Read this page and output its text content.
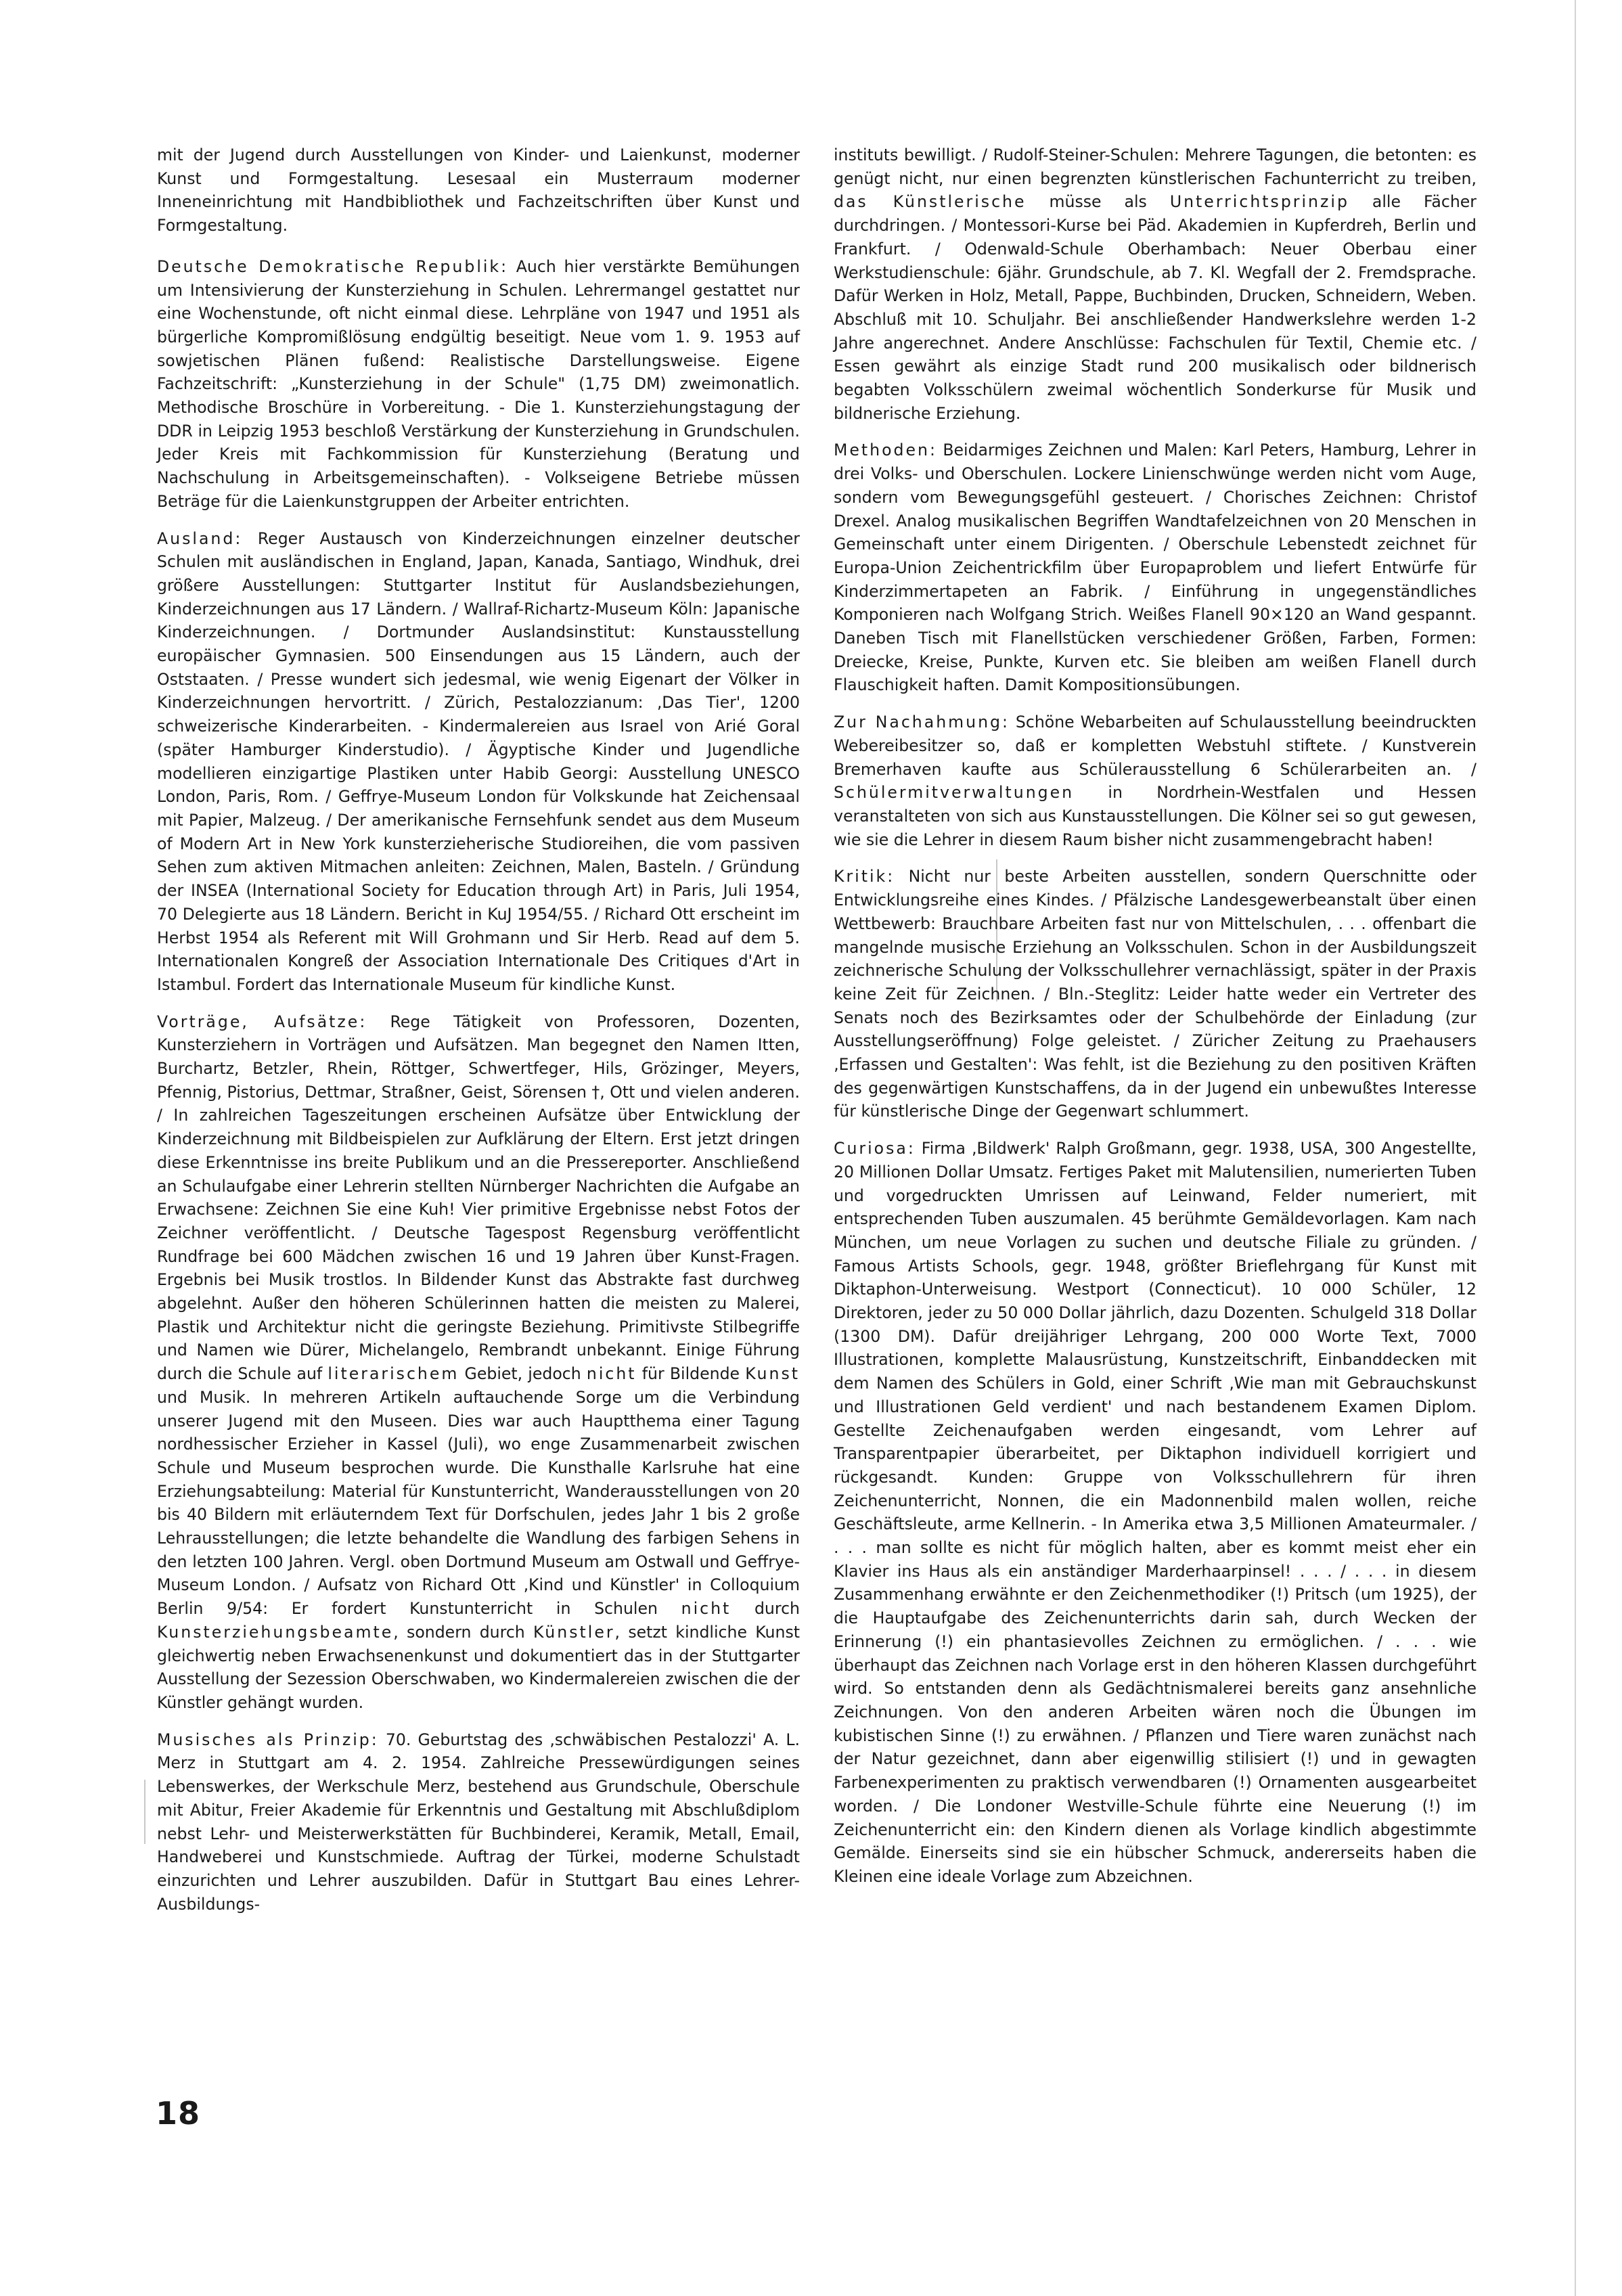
mit der Jugend durch Ausstellungen von Kinder- und Laienkunst, moderner Kunst und Formgestaltung. Lesesaal ein Musterraum moderner Inneneinrichtung mit Handbibliothek und Fachzeitschriften über Kunst und Formgestaltung.

Deutsche Demokratische Republik: Auch hier verstärkte Bemühungen um Intensivierung der Kunsterziehung in Schulen. Lehrermangel gestattet nur eine Wochenstunde, oft nicht einmal diese. Lehrpläne von 1947 und 1951 als bürgerliche Kompromißlösung endgültig beseitigt. Neue vom 1. 9. 1953 auf sowjetischen Plänen fußend: Realistische Darstellungsweise. Eigene Fachzeitschrift: „Kunsterziehung in der Schule" (1,75 DM) zweimonatlich. Methodische Broschüre in Vorbereitung. - Die 1. Kunsterziehungstagung der DDR in Leipzig 1953 beschloß Verstärkung der Kunsterziehung in Grundschulen. Jeder Kreis mit Fachkommission für Kunsterziehung (Beratung und Nachschulung in Arbeitsgemeinschaften). - Volkseigene Betriebe müssen Beträge für die Laienkunstgruppen der Arbeiter entrichten.

Ausland: Reger Austausch von Kinderzeichnungen einzelner deutscher Schulen mit ausländischen in England, Japan, Kanada, Santiago, Windhuk, drei größere Ausstellungen: Stuttgarter Institut für Auslandsbeziehungen, Kinderzeichnungen aus 17 Ländern. / Wallraf-Richartz-Museum Köln: Japanische Kinderzeichnungen. / Dortmunder Auslandsinstitut: Kunstausstellung europäischer Gymnasien. 500 Einsendungen aus 15 Ländern, auch der Oststaaten. / Presse wundert sich jedesmal, wie wenig Eigenart der Völker in Kinderzeichnungen hervortritt. / Zürich, Pestalozzianum: ‚Das Tier', 1200 schweizerische Kinderarbeiten. - Kindermalereien aus Israel von Arié Goral (später Hamburger Kinderstudio). / Ägyptische Kinder und Jugendliche modellieren einzigartige Plastiken unter Habib Georgi: Ausstellung UNESCO London, Paris, Rom. / Geffrye-Museum London für Volkskunde hat Zeichensaal mit Papier, Malzeug. / Der amerikanische Fernsehfunk sendet aus dem Museum of Modern Art in New York kunsterzieherische Studioreihen, die vom passiven Sehen zum aktiven Mitmachen anleiten: Zeichnen, Malen, Basteln. / Gründung der INSEA (International Society for Education through Art) in Paris, Juli 1954, 70 Delegierte aus 18 Ländern. Bericht in KuJ 1954/55. / Richard Ott erscheint im Herbst 1954 als Referent mit Will Grohmann und Sir Herb. Read auf dem 5. Internationalen Kongreß der Association Internationale Des Critiques d'Art in Istambul. Fordert das Internationale Museum für kindliche Kunst.

Vorträge, Aufsätze: Rege Tätigkeit von Professoren, Dozenten, Kunsterziehern in Vorträgen und Aufsätzen. Man begegnet den Namen Itten, Burchartz, Betzler, Rhein, Röttger, Schwertfeger, Hils, Grözinger, Meyers, Pfennig, Pistorius, Dettmar, Straßner, Geist, Sörensen †, Ott und vielen anderen. / In zahlreichen Tageszeitungen erscheinen Aufsätze über Entwicklung der Kinderzeichnung mit Bildbeispielen zur Aufklärung der Eltern. Erst jetzt dringen diese Erkenntnisse ins breite Publikum und an die Pressereporter. Anschließend an Schulaufgabe einer Lehrerin stellten Nürnberger Nachrichten die Aufgabe an Erwachsene: Zeichnen Sie eine Kuh! Vier primitive Ergebnisse nebst Fotos der Zeichner veröffentlicht. / Deutsche Tagespost Regensburg veröffentlicht Rundfrage bei 600 Mädchen zwischen 16 und 19 Jahren über Kunst-Fragen. Ergebnis bei Musik trostlos. In Bildender Kunst das Abstrakte fast durchweg abgelehnt. Außer den höheren Schülerinnen hatten die meisten zu Malerei, Plastik und Architektur nicht die geringste Beziehung. Primitivste Stilbegriffe und Namen wie Dürer, Michelangelo, Rembrandt unbekannt. Einige Führung durch die Schule auf literarischem Gebiet, jedoch nicht für Bildende Kunst und Musik. In mehreren Artikeln auftauchende Sorge um die Verbindung unserer Jugend mit den Museen. Dies war auch Hauptthema einer Tagung nordhessischer Erzieher in Kassel (Juli), wo enge Zusammenarbeit zwischen Schule und Museum besprochen wurde. Die Kunsthalle Karlsruhe hat eine Erziehungsabteilung: Material für Kunstunterricht, Wanderausstellungen von 20 bis 40 Bildern mit erläuterndem Text für Dorfschulen, jedes Jahr 1 bis 2 große Lehrausstellungen; die letzte behandelte die Wandlung des farbigen Sehens in den letzten 100 Jahren. Vergl. oben Dortmund Museum am Ostwall und Geffrye-Museum London. / Aufsatz von Richard Ott ‚Kind und Künstler' in Colloquium Berlin 9/54: Er fordert Kunstunterricht in Schulen nicht durch Kunsterziehungsbeamte, sondern durch Künstler, setzt kindliche Kunst gleichwertig neben Erwachsenenkunst und dokumentiert das in der Stuttgarter Ausstellung der Sezession Oberschwaben, wo Kindermalereien zwischen die der Künstler gehängt wurden.

Musisches als Prinzip: 70. Geburtstag des ‚schwäbischen Pestalozzi' A. L. Merz in Stuttgart am 4. 2. 1954. Zahlreiche Pressewürdigungen seines Lebenswerkes, der Werkschule Merz, bestehend aus Grundschule, Oberschule mit Abitur, Freier Akademie für Erkenntnis und Gestaltung mit Abschlußdiplom nebst Lehr- und Meisterwerkstätten für Buchbinderei, Keramik, Metall, Email, Handweberei und Kunstschmiede. Auftrag der Türkei, moderne Schulstadt einzurichten und Lehrer auszubilden. Dafür in Stuttgart Bau eines Lehrer-Ausbildungs-

instituts bewilligt. / Rudolf-Steiner-Schulen: Mehrere Tagungen, die betonten: es genügt nicht, nur einen begrenzten künstlerischen Fachunterricht zu treiben, das Künstlerische müsse als Unterrichtsprinzip alle Fächer durchdringen. / Montessori-Kurse bei Päd. Akademien in Kupferdreh, Berlin und Frankfurt. / Odenwald-Schule Oberhambach: Neuer Oberbau einer Werkstudienschule: 6jähr. Grundschule, ab 7. Kl. Wegfall der 2. Fremdsprache. Dafür Werken in Holz, Metall, Pappe, Buchbinden, Drucken, Schneidern, Weben. Abschluß mit 10. Schuljahr. Bei anschließender Handwerkslehre werden 1-2 Jahre angerechnet. Andere Anschlüsse: Fachschulen für Textil, Chemie etc. / Essen gewährt als einzige Stadt rund 200 musikalisch oder bildnerisch begabten Volksschülern zweimal wöchentlich Sonderkurse für Musik und bildnerische Erziehung.

Methoden: Beidarmiges Zeichnen und Malen: Karl Peters, Hamburg, Lehrer in drei Volks- und Oberschulen. Lockere Linienschwünge werden nicht vom Auge, sondern vom Bewegungsgefühl gesteuert. / Chorisches Zeichnen: Christof Drexel. Analog musikalischen Begriffen Wandtafelzeichnen von 20 Menschen in Gemeinschaft unter einem Dirigenten. / Oberschule Lebenstedt zeichnet für Europa-Union Zeichentrickfilm über Europaproblem und liefert Entwürfe für Kinderzimmertapeten an Fabrik. / Einführung in ungegenständliches Komponieren nach Wolfgang Strich. Weißes Flanell 90×120 an Wand gespannt. Daneben Tisch mit Flanellstücken verschiedener Größen, Farben, Formen: Dreiecke, Kreise, Punkte, Kurven etc. Sie bleiben am weißen Flanell durch Flauschigkeit haften. Damit Kompositionsübungen.

Zur Nachahmung: Schöne Webarbeiten auf Schulausstellung beeindruckten Webereibesitzer so, daß er kompletten Webstuhl stiftete. / Kunstverein Bremerhaven kaufte aus Schülerausstellung 6 Schülerarbeiten an. / Schülermitverwaltungen in Nordrhein-Westfalen und Hessen veranstalteten von sich aus Kunstausstellungen. Die Kölner sei so gut gewesen, wie sie die Lehrer in diesem Raum bisher nicht zusammengebracht haben!

Kritik: Nicht nur beste Arbeiten ausstellen, sondern Querschnitte oder Entwicklungsreihe eines Kindes. / Pfälzische Landesgewerbeanstalt über einen Wettbewerb: Brauchbare Arbeiten fast nur von Mittelschulen, . . . offenbart die mangelnde musische Erziehung an Volksschulen. Schon in der Ausbildungszeit zeichnerische Schulung der Volksschullehrer vernachlässigt, später in der Praxis keine Zeit für Zeichnen. / Bln.-Steglitz: Leider hatte weder ein Vertreter des Senats noch des Bezirksamtes oder der Schulbehörde der Einladung (zur Ausstellungseröffnung) Folge geleistet. / Züricher Zeitung zu Praehausers ‚Erfassen und Gestalten': Was fehlt, ist die Beziehung zu den positiven Kräften des gegenwärtigen Kunstschaffens, da in der Jugend ein unbewußtes Interesse für künstlerische Dinge der Gegenwart schlummert.

Curiosa: Firma ‚Bildwerk' Ralph Großmann, gegr. 1938, USA, 300 Angestellte, 20 Millionen Dollar Umsatz. Fertiges Paket mit Malutensilien, numerierten Tuben und vorgedruckten Umrissen auf Leinwand, Felder numeriert, mit entsprechenden Tuben auszumalen. 45 berühmte Gemäldevorlagen. Kam nach München, um neue Vorlagen zu suchen und deutsche Filiale zu gründen. / Famous Artists Schools, gegr. 1948, größter Brieflehrgang für Kunst mit Diktaphon-Unterweisung. Westport (Connecticut). 10 000 Schüler, 12 Direktoren, jeder zu 50 000 Dollar jährlich, dazu Dozenten. Schulgeld 318 Dollar (1300 DM). Dafür dreijähriger Lehrgang, 200 000 Worte Text, 7000 Illustrationen, komplette Malausrüstung, Kunstzeitschrift, Einbanddecken mit dem Namen des Schülers in Gold, einer Schrift ‚Wie man mit Gebrauchskunst und Illustrationen Geld verdient' und nach bestandenem Examen Diplom. Gestellte Zeichenaufgaben werden eingesandt, vom Lehrer auf Transparentpapier überarbeitet, per Diktaphon individuell korrigiert und rückgesandt. Kunden: Gruppe von Volksschullehrern für ihren Zeichenunterricht, Nonnen, die ein Madonnenbild malen wollen, reiche Geschäftsleute, arme Kellnerin. - In Amerika etwa 3,5 Millionen Amateurmaler. / . . . man sollte es nicht für möglich halten, aber es kommt meist eher ein Klavier ins Haus als ein anständiger Marderhaarpinsel! . . . / . . . in diesem Zusammenhang erwähnte er den Zeichenmethodiker (!) Pritsch (um 1925), der die Hauptaufgabe des Zeichenunterrichts darin sah, durch Wecken der Erinnerung (!) ein phantasievolles Zeichnen zu ermöglichen. / . . . wie überhaupt das Zeichnen nach Vorlage erst in den höheren Klassen durchgeführt wird. So entstanden denn als Gedächtnismalerei bereits ganz ansehnliche Zeichnungen. Von den anderen Arbeiten wären noch die Übungen im kubistischen Sinne (!) zu erwähnen. / Pflanzen und Tiere waren zunächst nach der Natur gezeichnet, dann aber eigenwillig stilisiert (!) und in gewagten Farbenexperimenten zu praktisch verwendbaren (!) Ornamenten ausgearbeitet worden. / Die Londoner Westville-Schule führte eine Neuerung (!) im Zeichenunterricht ein: den Kindern dienen als Vorlage kindlich abgestimmte Gemälde. Einerseits sind sie ein hübscher Schmuck, andererseits haben die Kleinen eine ideale Vorlage zum Abzeichnen.

18
